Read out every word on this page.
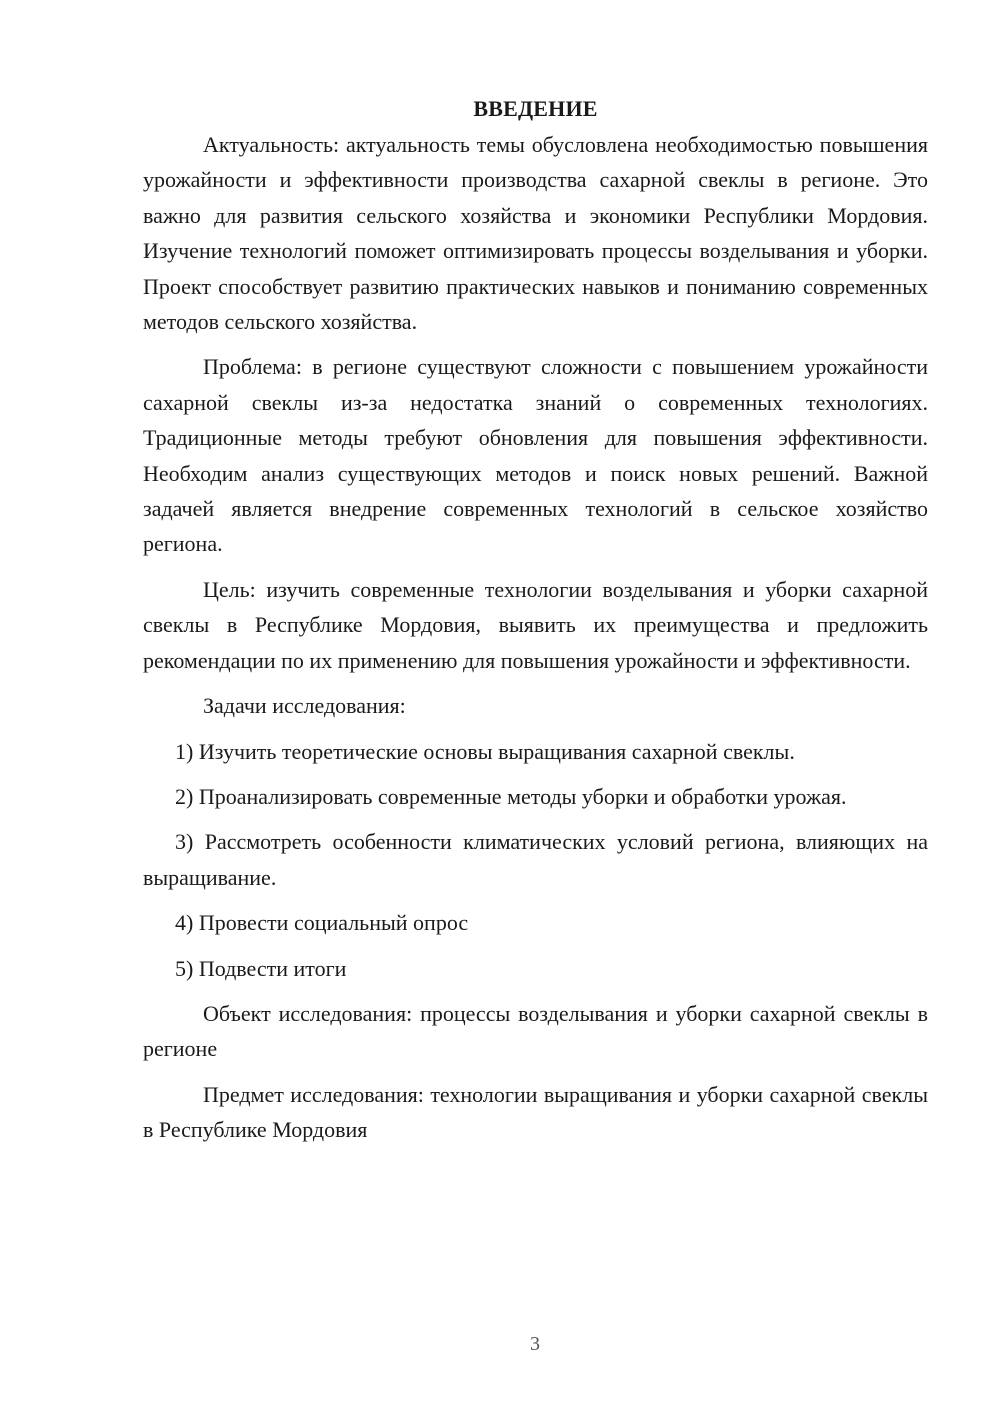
ВВЕДЕНИЕ

Актуальность: актуальность темы обусловлена необходимостью повышения урожайности и эффективности производства сахарной свеклы в регионе. Это важно для развития сельского хозяйства и экономики Республики Мордовия. Изучение технологий поможет оптимизировать процессы возделывания и уборки. Проект способствует развитию практических навыков и пониманию современных методов сельского хозяйства.

Проблема: в регионе существуют сложности с повышением урожайности сахарной свеклы из-за недостатка знаний о современных технологиях. Традиционные методы требуют обновления для повышения эффективности. Необходим анализ существующих методов и поиск новых решений. Важной задачей является внедрение современных технологий в сельское хозяйство региона.

Цель: изучить современные технологии возделывания и уборки сахарной свеклы в Республике Мордовия, выявить их преимущества и предложить рекомендации по их применению для повышения урожайности и эффективности.

Задачи исследования:

1) Изучить теоретические основы выращивания сахарной свеклы.

2) Проанализировать современные методы уборки и обработки урожая.

3) Рассмотреть особенности климатических условий региона, влияющих на выращивание.

4) Провести социальный опрос

5) Подвести итоги

Объект исследования: процессы возделывания и уборки сахарной свеклы в регионе

Предмет исследования: технологии выращивания и уборки сахарной свеклы в Республике Мордовия

3
